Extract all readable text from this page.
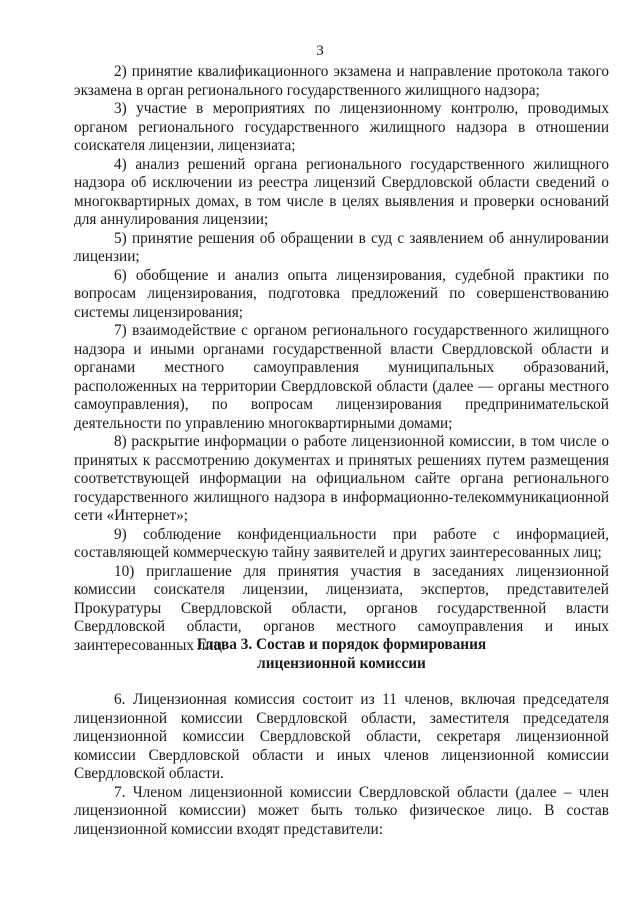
3

2) принятие квалификационного экзамена и направление протокола такого экзамена в орган регионального государственного жилищного надзора;

3) участие в мероприятиях по лицензионному контролю, проводимых органом регионального государственного жилищного надзора в отношении соискателя лицензии, лицензиата;

4) анализ решений органа регионального государственного жилищного надзора об исключении из реестра лицензий Свердловской области сведений о многоквартирных домах, в том числе в целях выявления и проверки оснований для аннулирования лицензии;

5) принятие решения об обращении в суд с заявлением об аннулировании лицензии;

6) обобщение и анализ опыта лицензирования, судебной практики по вопросам лицензирования, подготовка предложений по совершенствованию системы лицензирования;

7) взаимодействие с органом регионального государственного жилищного надзора и иными органами государственной власти Свердловской области и органами местного самоуправления муниципальных образований, расположенных на территории Свердловской области (далее — органы местного самоуправления), по вопросам лицензирования предпринимательской деятельности по управлению многоквартирными домами;

8) раскрытие информации о работе лицензионной комиссии, в том числе о принятых к рассмотрению документах и принятых решениях путем размещения соответствующей информации на официальном сайте органа регионального государственного жилищного надзора в информационно-телекоммуникационной сети «Интернет»;

9) соблюдение конфиденциальности при работе с информацией, составляющей коммерческую тайну заявителей и других заинтересованных лиц;

10) приглашение для принятия участия в заседаниях лицензионной комиссии соискателя лицензии, лицензиата, экспертов, представителей Прокуратуры Свердловской области, органов государственной власти Свердловской области, органов местного самоуправления и иных заинтересованных лиц.

Глава 3. Состав и порядок формирования
лицензионной комиссии

6. Лицензионная комиссия состоит из 11 членов, включая председателя лицензионной комиссии Свердловской области, заместителя председателя лицензионной комиссии Свердловской области, секретаря лицензионной комиссии Свердловской области и иных членов лицензионной комиссии Свердловской области.

7. Членом лицензионной комиссии Свердловской области (далее – член лицензионной комиссии) может быть только физическое лицо. В состав лицензионной комиссии входят представители:
